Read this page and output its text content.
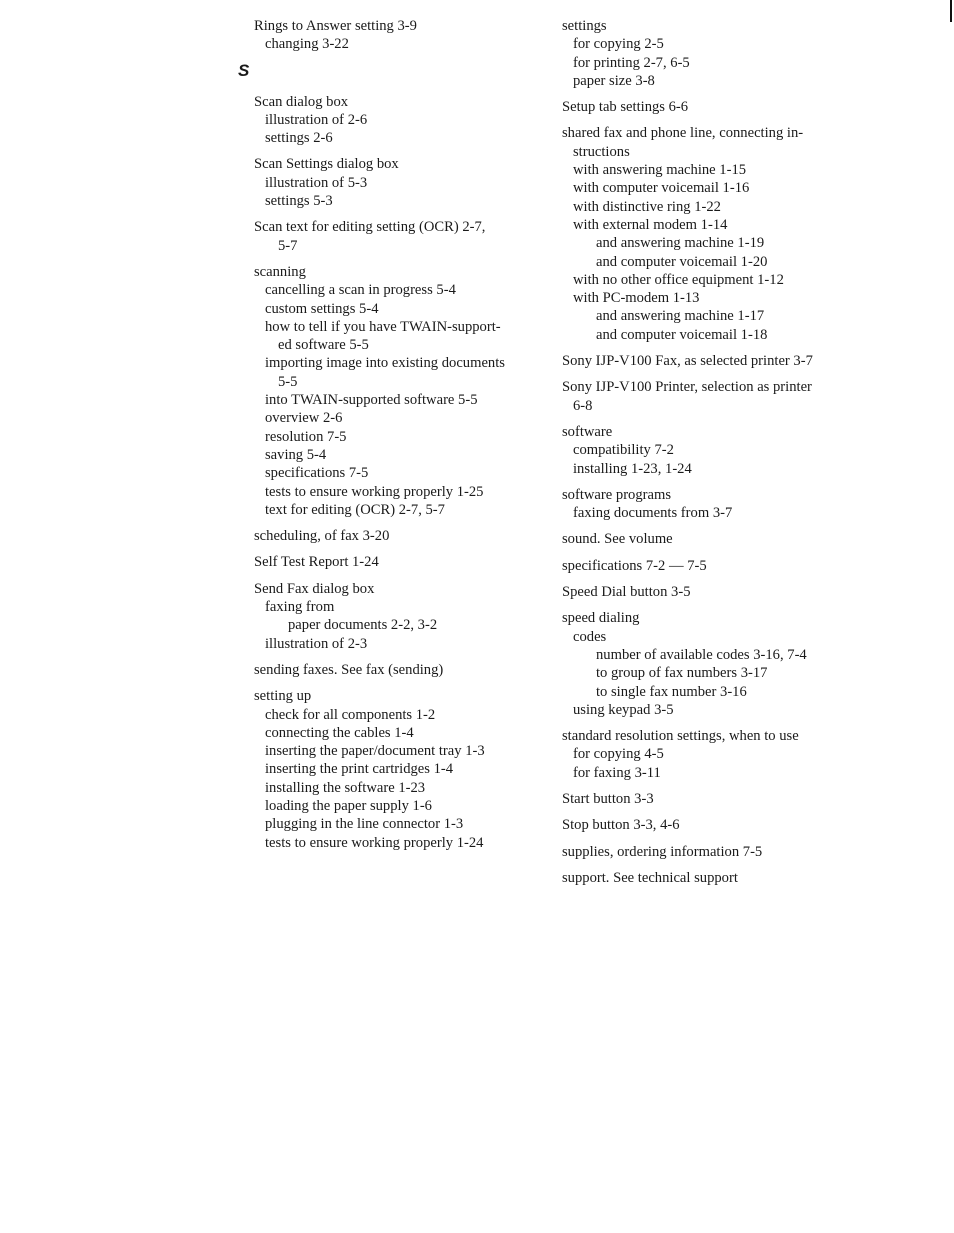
Rings to Answer setting 3-9
changing 3-22
S
Scan dialog box
illustration of 2-6
settings 2-6
Scan Settings dialog box
illustration of 5-3
settings 5-3
Scan text for editing setting (OCR) 2-7,
5-7
scanning
cancelling a scan in progress 5-4
custom settings 5-4
how to tell if you have TWAIN-support-
ed software 5-5
importing image into existing documents
5-5
into TWAIN-supported software 5-5
overview 2-6
resolution 7-5
saving 5-4
specifications 7-5
tests to ensure working properly 1-25
text for editing (OCR) 2-7, 5-7
scheduling, of fax 3-20
Self Test Report 1-24
Send Fax dialog box
faxing from
paper documents 2-2, 3-2
illustration of 2-3
sending faxes. See fax (sending)
setting up
check for all components 1-2
connecting the cables 1-4
inserting the paper/document tray 1-3
inserting the print cartridges 1-4
installing the software 1-23
loading the paper supply 1-6
plugging in the line connector 1-3
tests to ensure working properly 1-24
settings
for copying 2-5
for printing 2-7, 6-5
paper size 3-8
Setup tab settings 6-6
shared fax and phone line, connecting in-
structions
with answering machine 1-15
with computer voicemail 1-16
with distinctive ring 1-22
with external modem 1-14
and answering machine 1-19
and computer voicemail 1-20
with no other office equipment 1-12
with PC-modem 1-13
and answering machine 1-17
and computer voicemail 1-18
Sony IJP-V100 Fax, as selected printer 3-7
Sony IJP-V100 Printer, selection as printer
6-8
software
compatibility 7-2
installing 1-23, 1-24
software programs
faxing documents from 3-7
sound. See volume
specifications 7-2 — 7-5
Speed Dial button 3-5
speed dialing
codes
number of available codes 3-16, 7-4
to group of fax numbers 3-17
to single fax number 3-16
using keypad 3-5
standard resolution settings, when to use
for copying 4-5
for faxing 3-11
Start button 3-3
Stop button 3-3, 4-6
supplies, ordering information 7-5
support. See technical support
